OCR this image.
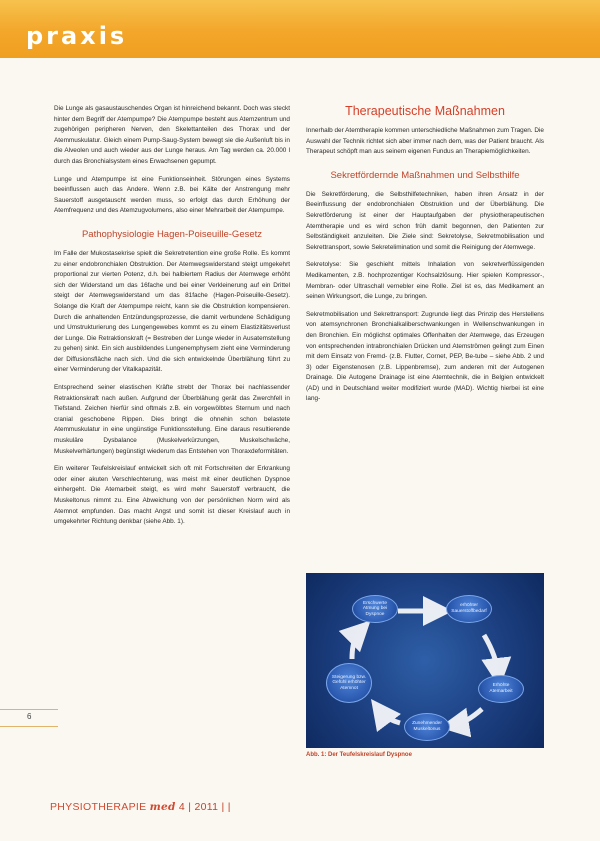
praxis

Die Lunge als gasaustauschendes Organ ist hinreichend bekannt. Doch was steckt hinter dem Begriff der Atempumpe? Die Atempumpe besteht aus Atemzentrum und zugehörigen peripheren Nerven, den Skelettanteilen des Thorax und der Atemmuskulatur. Gleich einem Pump-Saug-System bewegt sie die Außenluft bis in die Alveolen und auch wieder aus der Lunge heraus. Am Tag werden ca. 20.000 l durch das Bronchialsystem eines Erwachsenen gepumpt.

Lunge und Atempumpe ist eine Funktionseinheit. Störungen eines Systems beeinflussen auch das Andere. Wenn z.B. bei Kälte der Anstrengung mehr Sauerstoff ausgetauscht werden muss, so erfolgt das durch Erhöhung der Atemfrequenz und des Atemzugvolumens, also einer Mehrarbeit der Atempumpe.

Pathophysiologie Hagen-Poiseuille-Gesetz

Im Falle der Mukostasekrise spielt die Sekretretention eine große Rolle. Es kommt zu einer endobronchialen Obstruktion. Der Atemwegswiderstand steigt umgekehrt proportional zur vierten Potenz, d.h. bei halbiertem Radius der Atemwege erhöht sich der Widerstand um das 16fache und bei einer Verkleinerung auf ein Drittel steigt der Atemwegswiderstand um das 81fache (Hagen-Poiseuille-Gesetz). Solange die Kraft der Atempumpe reicht, kann sie die Obstruktion kompensieren. Durch die anhaltenden Entzündungsprozesse, die damit verbundene Schädigung und Umstrukturierung des Lungengewebes kommt es zu einem Elastizitätsverlust der Lunge. Die Retraktionskraft (= Bestreben der Lunge wieder in Ausatemstellung zu gehen) sinkt. Ein sich ausbildendes Lungenemphysem zieht eine Verminderung der Diffusionsfläche nach sich. Und die sich entwickelnde Überblähung führt zu einer Verminderung der Vitalkapazität.

Entsprechend seiner elastischen Kräfte strebt der Thorax bei nachlassender Retraktionskraft nach außen. Aufgrund der Überblähung gerät das Zwerchfell in Tiefstand. Zeichen hierfür sind oftmals z.B. ein vorgewölbtes Sternum und nach cranial geschobene Rippen. Dies bringt die ohnehin schon belastete Atemmuskulatur in eine ungünstige Funktionsstellung. Eine daraus resultierende muskuläre Dysbalance (Muskelverkürzungen, Muskelschwäche, Muskelverhärtungen) begünstigt wiederum das Entstehen von Thoraxdeformitäten.

Ein weiterer Teufelskreislauf entwickelt sich oft mit Fortschreiten der Erkrankung oder einer akuten Verschlechterung, was meist mit einer deutlichen Dyspnoe einhergeht. Die Atemarbeit steigt, es wird mehr Sauerstoff verbraucht, die Muskeltonus nimmt zu. Eine Abweichung von der persönlichen Norm wird als Atemnot empfunden. Das macht Angst und somit ist dieser Kreislauf auch in umgekehrter Richtung denkbar (siehe Abb. 1).

Therapeutische Maßnahmen

Innerhalb der Atemtherapie kommen unterschiedliche Maßnahmen zum Tragen. Die Auswahl der Technik richtet sich aber immer nach dem, was der Patient braucht. Als Therapeut schöpft man aus seinem eigenen Fundus an Therapiemöglichkeiten.

Sekretfördernde Maßnahmen und Selbsthilfe

Die Sekretförderung, die Selbsthilfetechniken, haben ihren Ansatz in der Beeinflussung der endobronchialen Obstruktion und der Überblähung. Die Sekretförderung ist einer der Hauptaufgaben der physiotherapeutischen Atemtherapie und es wird schon früh damit begonnen, den Patienten zur Selbständigkeit anzuleiten. Die Ziele sind: Sekretolyse, Sekretmobilisation und Sekrettransport, sowie Sekretelimination und somit die Reinigung der Atemwege.

Sekretolyse: Sie geschieht mittels Inhalation von sekretverflüssigenden Medikamenten, z.B. hochprozentiger Kochsalzlösung. Hier spielen Kompressor-, Membran- oder Ultraschall vernebler eine Rolle. Ziel ist es, das Medikament an seinen Wirkungsort, die Lunge, zu bringen.

Sekretmobilisation und Sekrettransport: Zugrunde liegt das Prinzip des Herstellens von atemsynchronen Bronchialkaliberschwankungen in Wellenschwankungen in den Bronchien. Ein möglichst optimales Offenhalten der Atemwege, das Erzeugen von entsprechenden intrabronchialen Drücken und Atemströmen gelingt zum Einen mit dem Einsatz von Fremd- (z.B. Flutter, Cornet, PEP, Be-tube – siehe Abb. 2 und 3) oder Eigenstenosen (z.B. Lippenbremse), zum anderen mit der Autogenen Drainage. Die Autogene Drainage ist eine Atemtechnik, die in Belgien entwickelt (AD) und in Deutschland weiter modifiziert wurde (MAD). Wichtig hierbei ist eine lang-

Erschwerte Atmung bei Dyspnoe
erhöhter Sauerstoffbedarf
Erhöhte Atemarbeit
Zunehmender Muskeltonus
Steigerung bzw. Gefühl erhöhter Atemnot
Abb. 1: Der Teufelskreislauf Dyspnoe
6
PHYSIOTHERAPIE med 4 | 2011 | |
